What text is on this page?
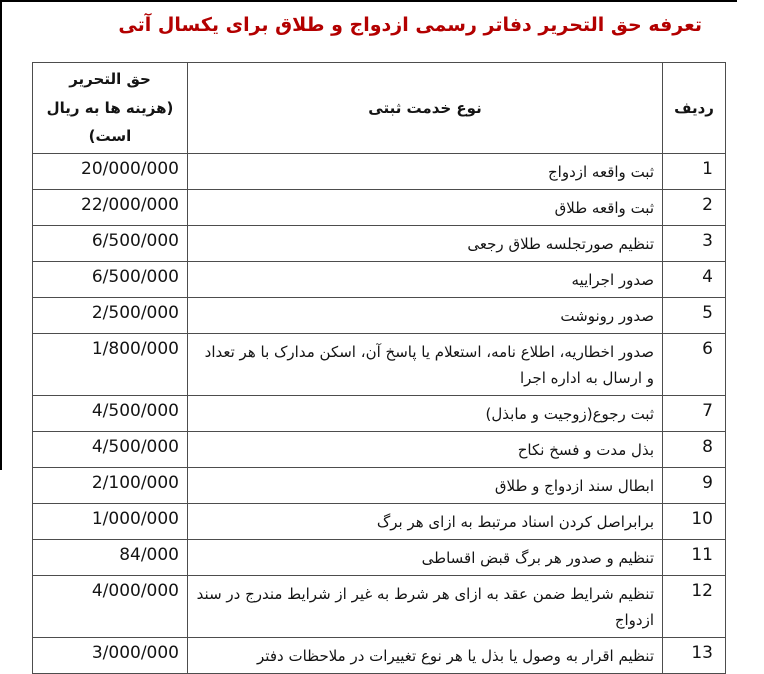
تعرفه حق التحریر دفاتر رسمی ازدواج و طلاق برای یکسال آتی
ردیف	نوع خدمت ثبتی	حق التحریر
(هزینه ها به ریال است)
1	ثبت واقعه ازدواج	20/000/000
2	ثبت واقعه طلاق	22/000/000
3	تنظیم صورتجلسه طلاق رجعی	6/500/000
4	صدور اجراییه	6/500/000
5	صدور رونوشت	2/500/000
6	صدور اخطاریه، اطلاع نامه، استعلام یا پاسخ آن، اسکن مدارک با هر تعداد و ارسال به اداره اجرا	1/800/000
7	ثبت رجوع(زوجیت و مابذل)	4/500/000
8	بذل مدت و فسخ نکاح	4/500/000
9	ابطال سند ازدواج و طلاق	2/100/000
10	برابراصل کردن اسناد مرتبط به ازای هر برگ	1/000/000
11	تنظیم و صدور هر برگ قبض اقساطی	84/000
12	تنظیم شرایط ضمن عقد به ازای هر شرط به غیر از شرایط مندرج در سند ازدواج	4/000/000
13	تنظیم اقرار به وصول یا بذل یا هر نوع تغییرات در ملاحظات دفتر	3/000/000
